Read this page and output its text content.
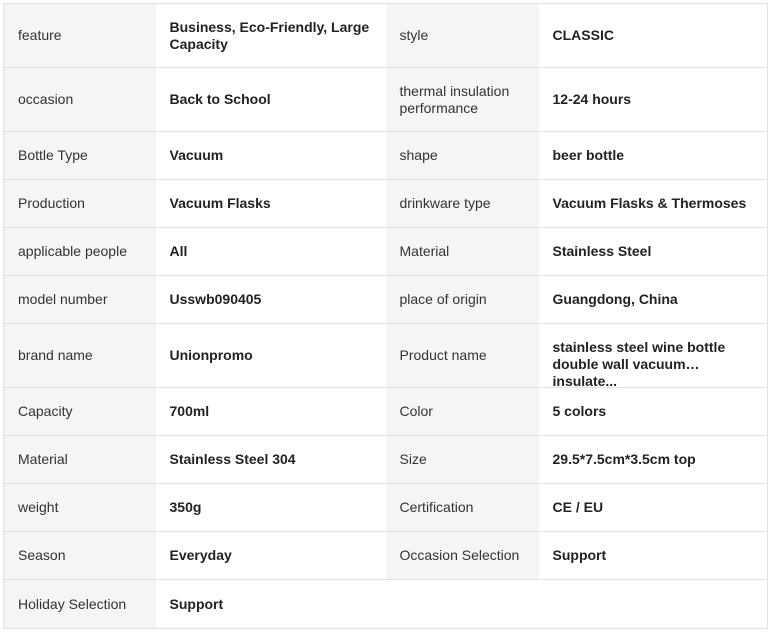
feature	Business, Eco-Friendly, Large Capacity	style	CLASSIC

occasion	Back to School	thermal insulation performance	12-24 hours

Bottle Type	Vacuum	shape	beer bottle

Production	Vacuum Flasks	drinkware type	Vacuum Flasks & Thermoses

applicable people	All	Material	Stainless Steel

model number	Usswb090405	place of origin	Guangdong, China

brand name	Unionpromo	Product name	stainless steel wine bottle double wall vacuum insulate...

Capacity	700ml	Color	5 colors

Material	Stainless Steel 304	Size	29.5*7.5cm*3.5cm top

weight	350g	Certification	CE / EU

Season	Everyday	Occasion Selection	Support

Holiday Selection	Support		
